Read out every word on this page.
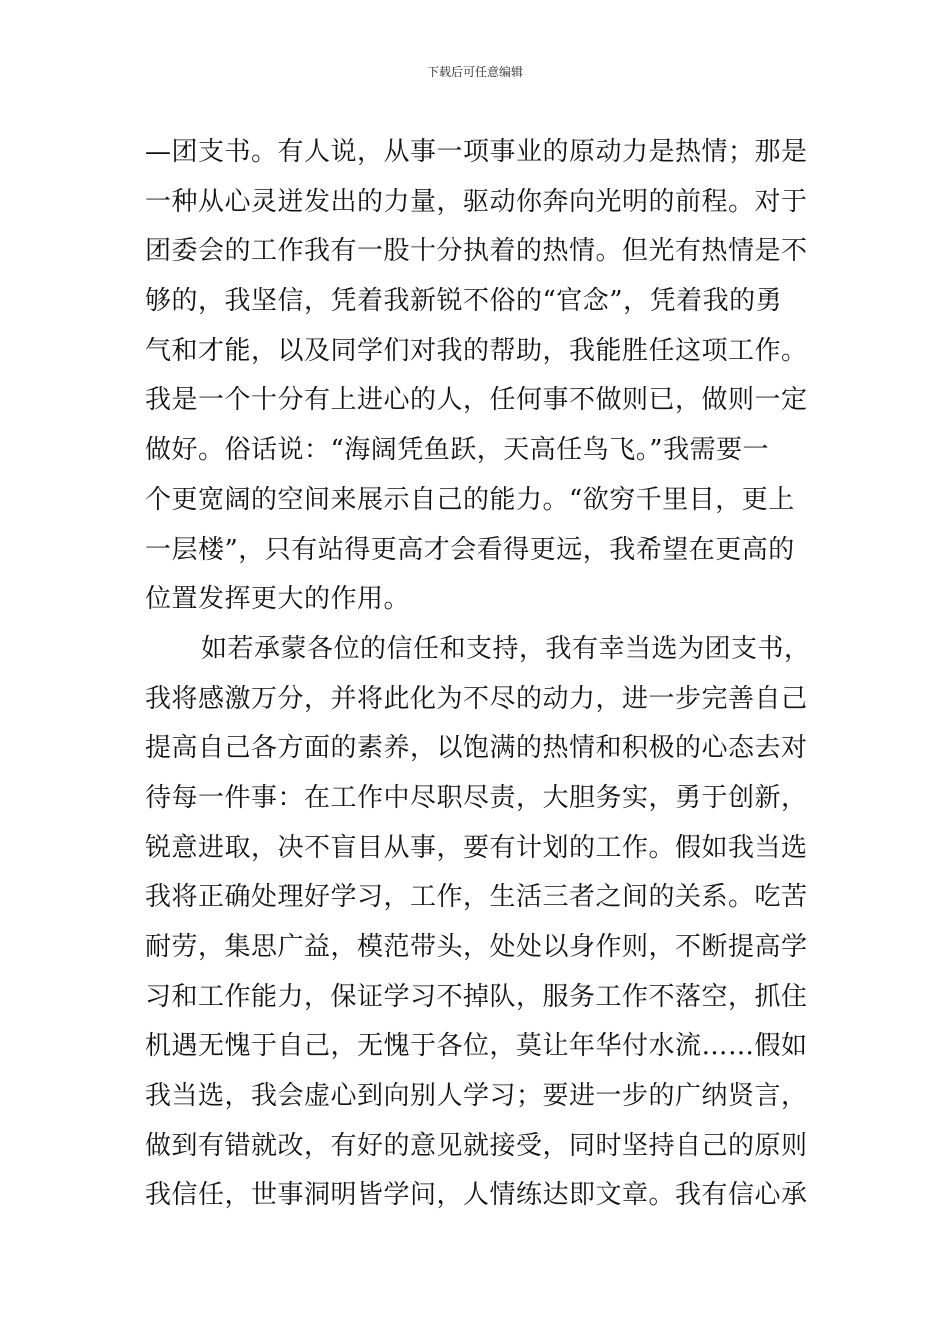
下载后可任意编辑
—团支书。有人说，从事一项事业的原动力是热情；那是
一种从心灵迸发出的力量，驱动你奔向光明的前程。对于
团委会的工作我有一股十分执着的热情。但光有热情是不
够的，我坚信，凭着我新锐不俗的“官念”，凭着我的勇
气和才能，以及同学们对我的帮助，我能胜任这项工作。
我是一个十分有上进心的人，任何事不做则已，做则一定
做好。俗话说：“海阔凭鱼跃，天高任鸟飞。”我需要一
个更宽阔的空间来展示自己的能力。“欲穷千里目，更上
一层楼”，只有站得更高才会看得更远，我希望在更高的
位置发挥更大的作用。
如若承蒙各位的信任和支持，我有幸当选为团支书，
我将感激万分，并将此化为不尽的动力，进一步完善自己
提高自己各方面的素养，以饱满的热情和积极的心态去对
待每一件事：在工作中尽职尽责，大胆务实，勇于创新，
锐意进取，决不盲目从事，要有计划的工作。假如我当选
我将正确处理好学习，工作，生活三者之间的关系。吃苦
耐劳，集思广益，模范带头，处处以身作则，不断提高学
习和工作能力，保证学习不掉队，服务工作不落空，抓住
机遇无愧于自己，无愧于各位，莫让年华付水流……假如
我当选，我会虚心到向别人学习；要进一步的广纳贤言，
做到有错就改，有好的意见就接受，同时坚持自己的原则
我信任，世事洞明皆学问，人情练达即文章。我有信心承
